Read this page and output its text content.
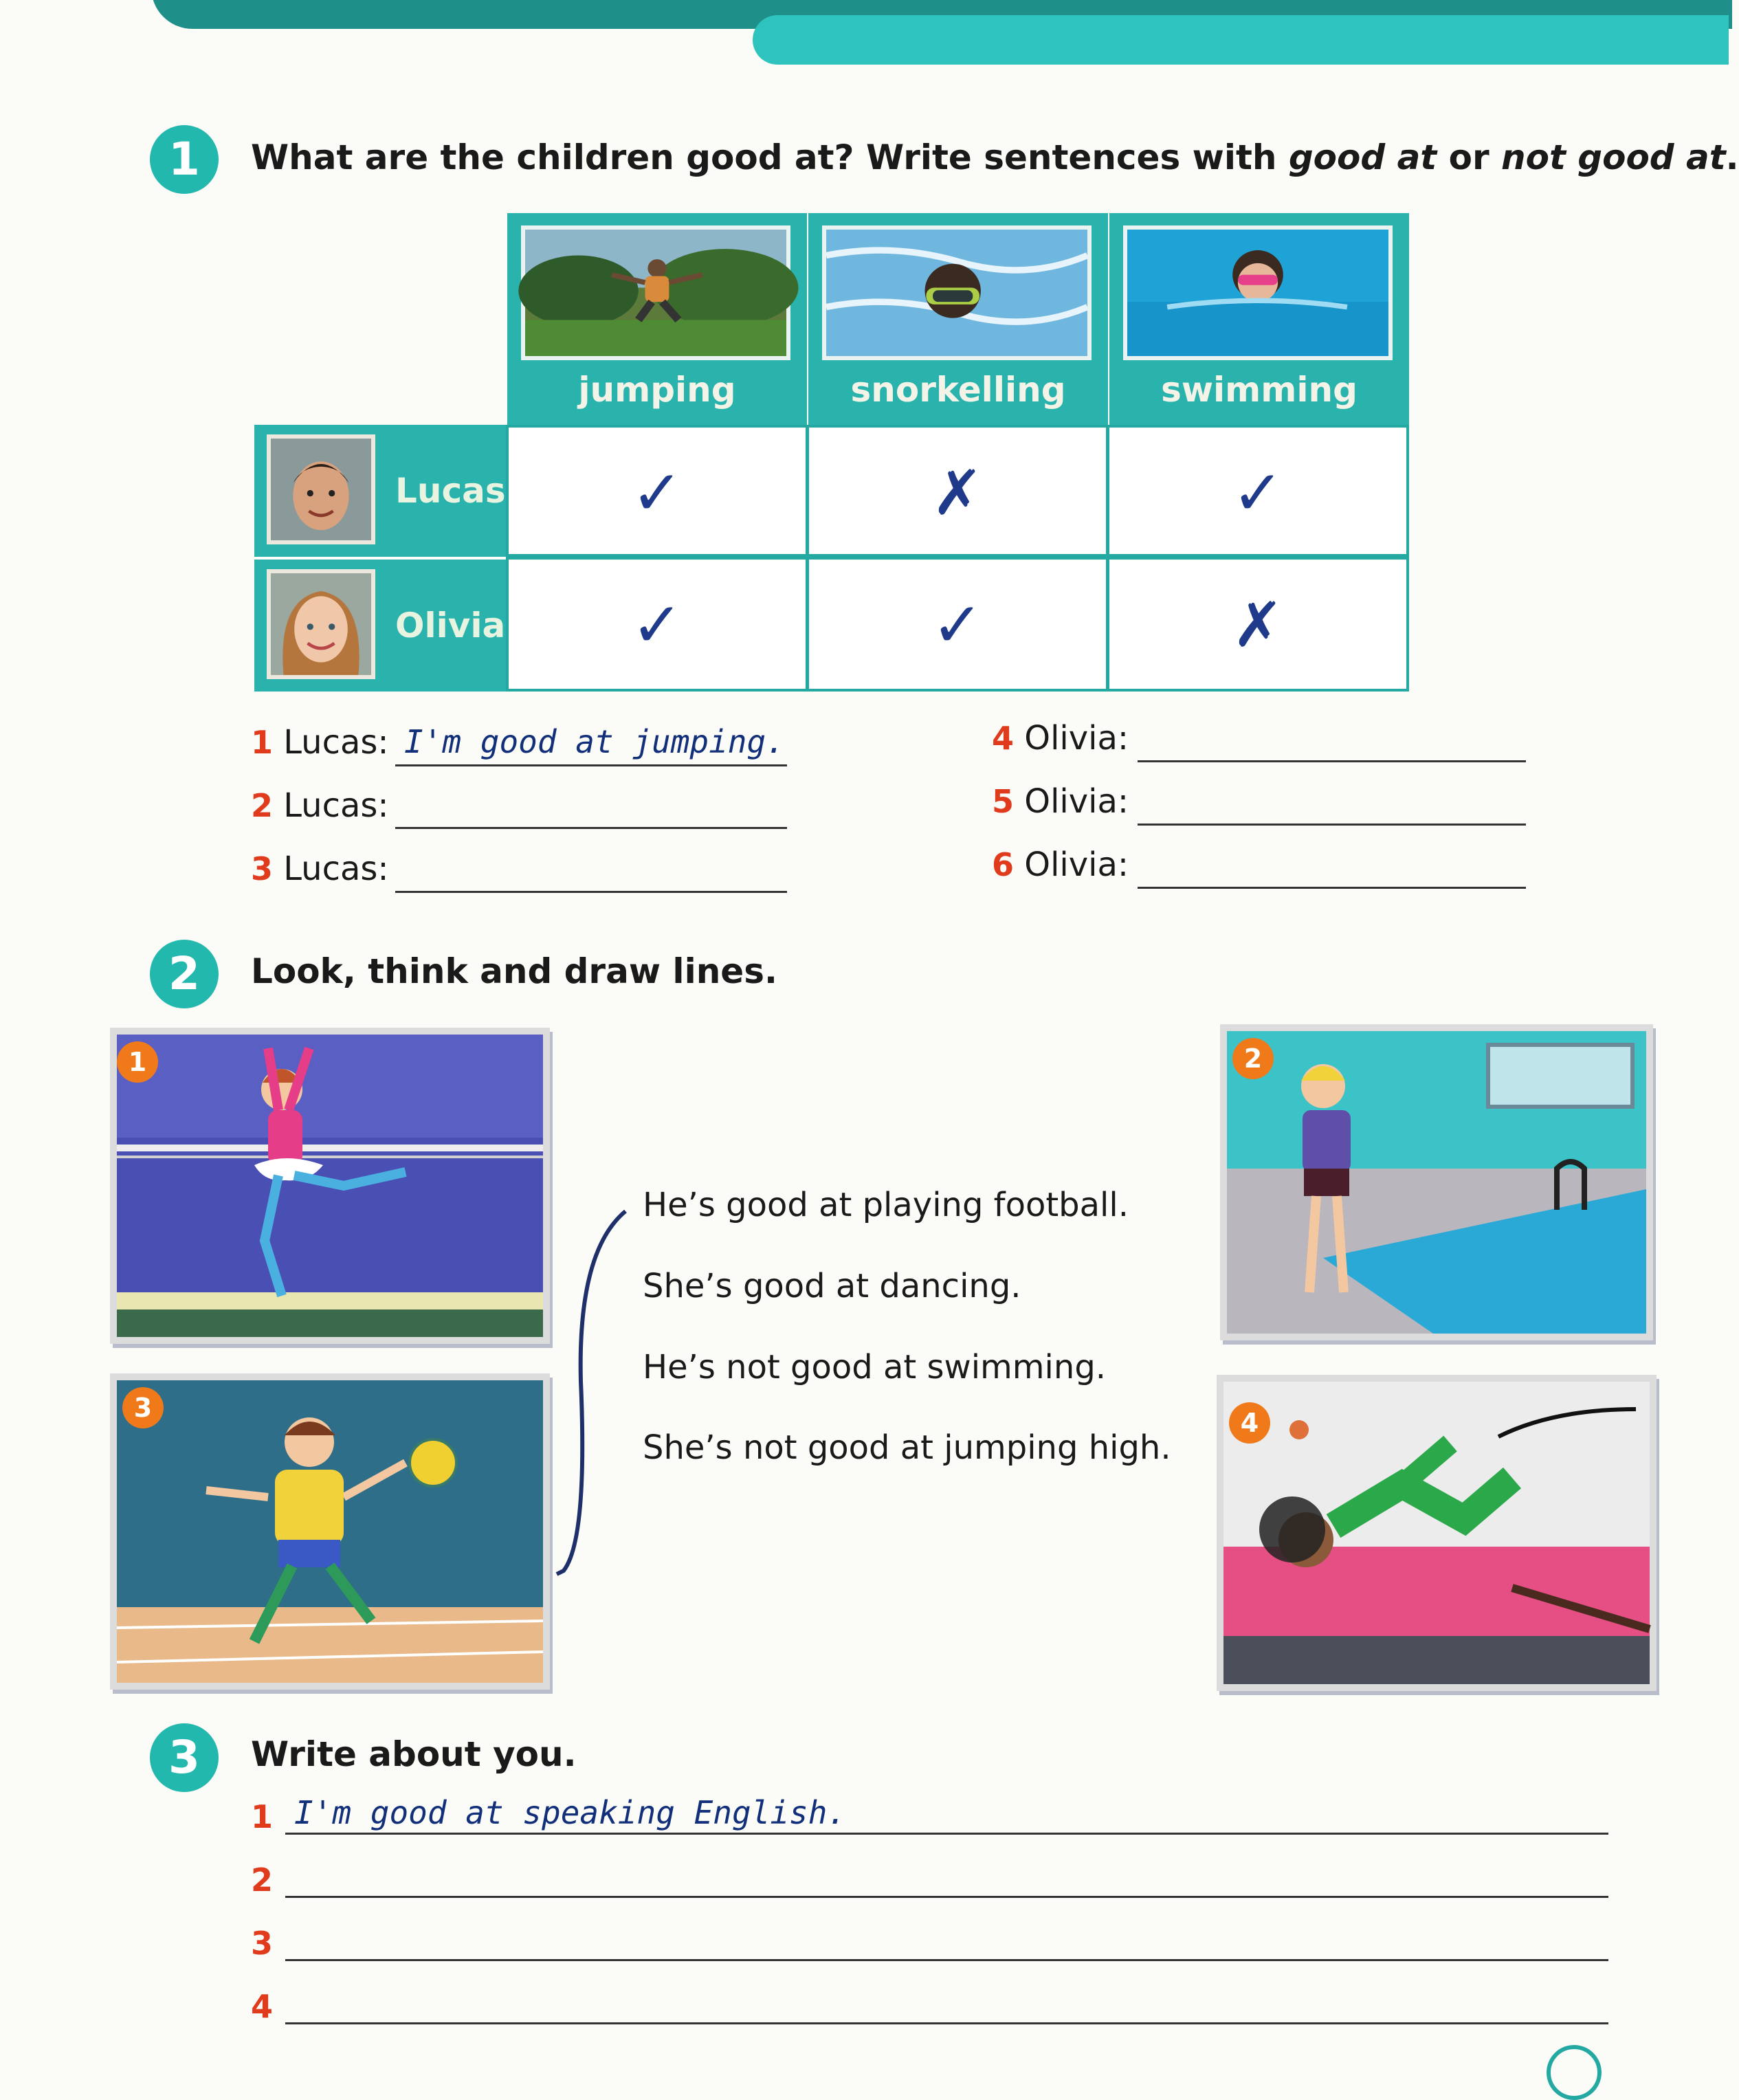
1	What are the children good at? Write sentences with good at or not good at.
jumping	snorkelling	swimming
Lucas	✓	✗	✓
Olivia	✓	✓	✗
1 Lucas: I'm good at jumping.
2 Lucas:
3 Lucas:
4 Olivia:
5 Olivia:
6 Olivia:
2	Look, think and draw lines.
1
3
2
4
He’s good at playing football.
She’s good at dancing.
He’s not good at swimming.
She’s not good at jumping high.
3	Write about you.
1 I'm good at speaking English.
2
3
4
